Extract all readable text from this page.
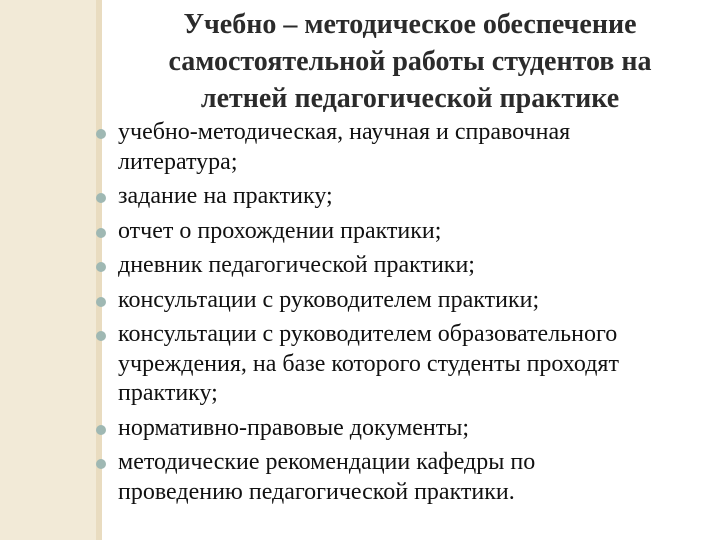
Учебно – методическое обеспечение
самостоятельной работы студентов на
летней педагогической практике
учебно-методическая, научная и справочная
литература;
задание на практику;
отчет о прохождении практики;
дневник педагогической практики;
консультации с руководителем практики;
консультации с руководителем образовательного
учреждения, на базе которого студенты проходят
практику;
нормативно-правовые документы;
методические рекомендации кафедры по
проведению педагогической практики.
